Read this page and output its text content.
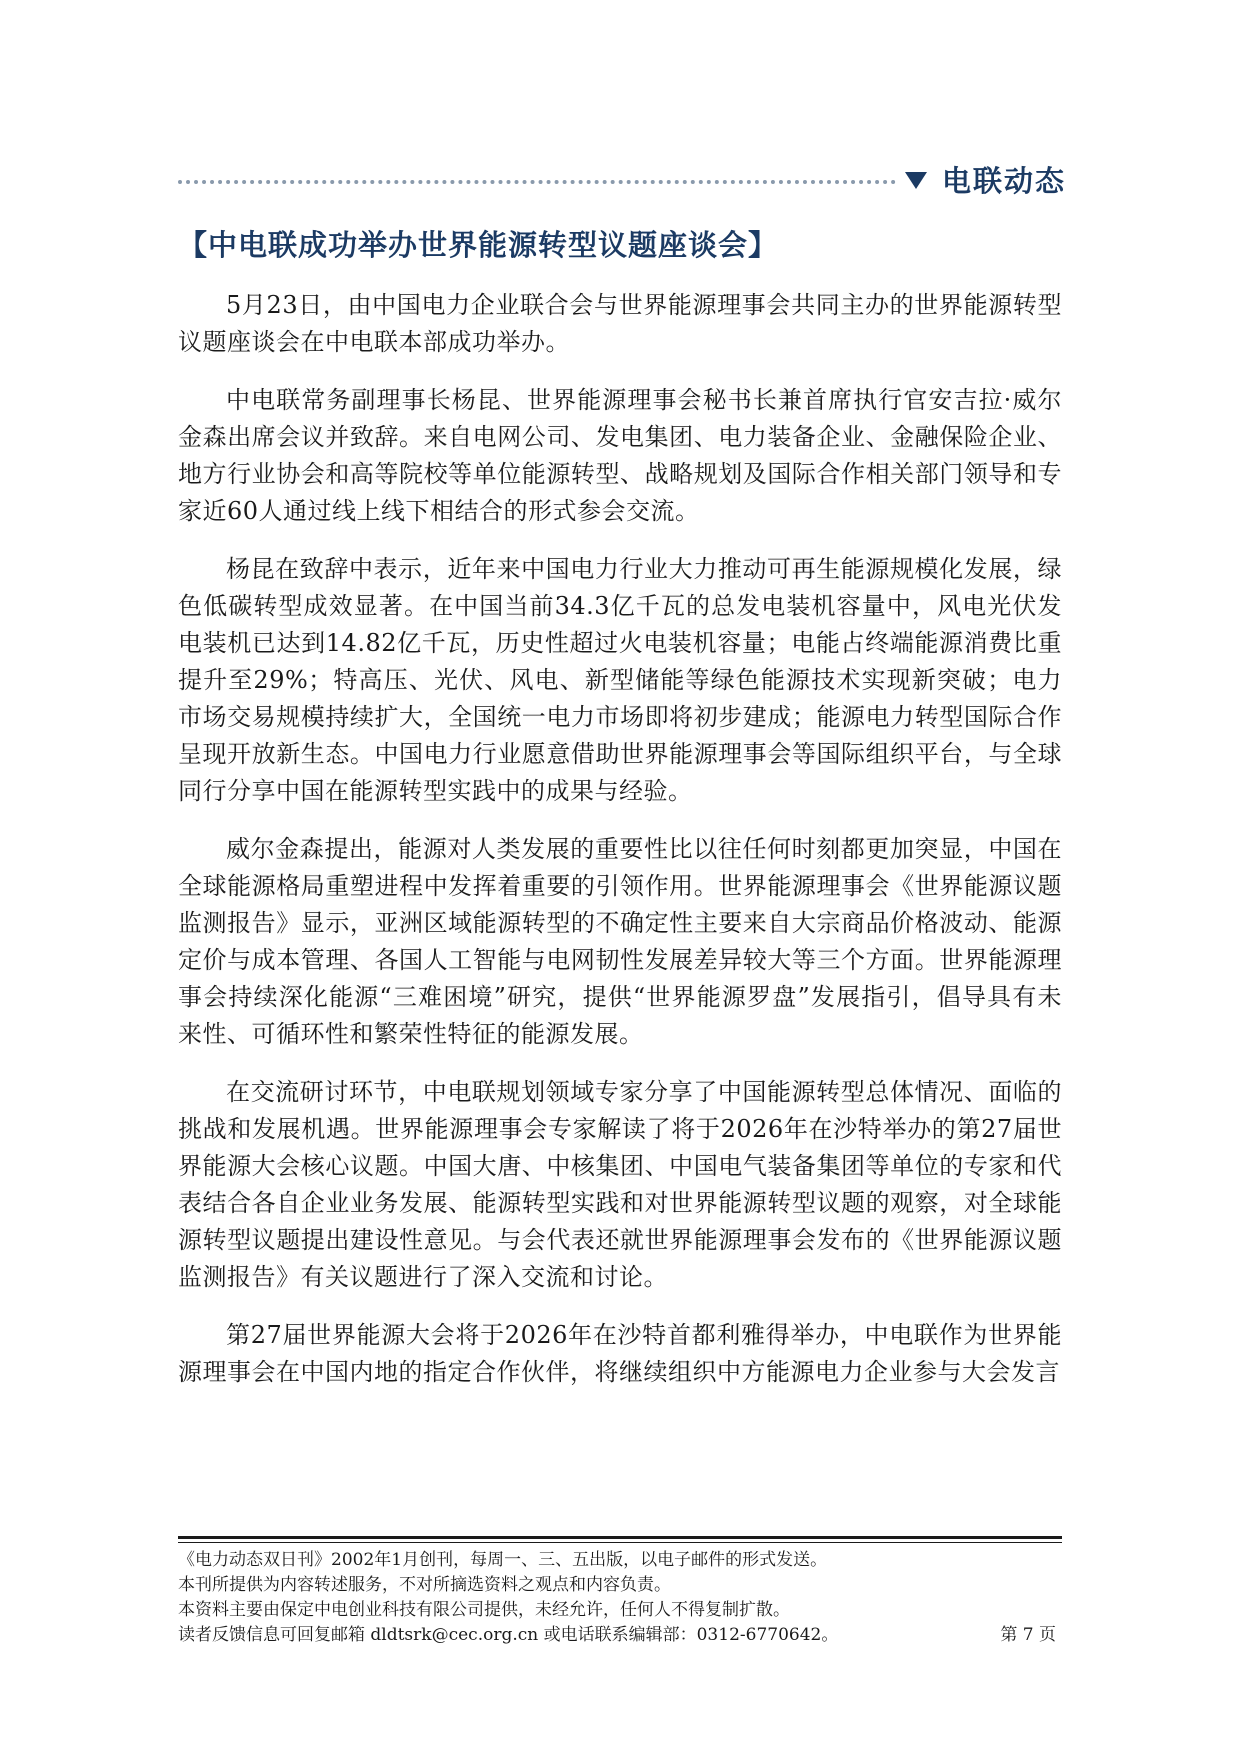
电联动态
【中电联成功举办世界能源转型议题座谈会】

5月23日，由中国电力企业联合会与世界能源理事会共同主办的世界能源转型议题座谈会在中电联本部成功举办。

中电联常务副理事长杨昆、世界能源理事会秘书长兼首席执行官安吉拉·威尔金森出席会议并致辞。来自电网公司、发电集团、电力装备企业、金融保险企业、地方行业协会和高等院校等单位能源转型、战略规划及国际合作相关部门领导和专家近60人通过线上线下相结合的形式参会交流。

杨昆在致辞中表示，近年来中国电力行业大力推动可再生能源规模化发展，绿色低碳转型成效显著。在中国当前34.3亿千瓦的总发电装机容量中，风电光伏发电装机已达到14.82亿千瓦，历史性超过火电装机容量；电能占终端能源消费比重提升至29%；特高压、光伏、风电、新型储能等绿色能源技术实现新突破；电力市场交易规模持续扩大，全国统一电力市场即将初步建成；能源电力转型国际合作呈现开放新生态。中国电力行业愿意借助世界能源理事会等国际组织平台，与全球同行分享中国在能源转型实践中的成果与经验。

威尔金森提出，能源对人类发展的重要性比以往任何时刻都更加突显，中国在全球能源格局重塑进程中发挥着重要的引领作用。世界能源理事会《世界能源议题监测报告》显示，亚洲区域能源转型的不确定性主要来自大宗商品价格波动、能源定价与成本管理、各国人工智能与电网韧性发展差异较大等三个方面。世界能源理事会持续深化能源“三难困境”研究，提供“世界能源罗盘”发展指引，倡导具有未来性、可循环性和繁荣性特征的能源发展。

在交流研讨环节，中电联规划领域专家分享了中国能源转型总体情况、面临的挑战和发展机遇。世界能源理事会专家解读了将于2026年在沙特举办的第27届世界能源大会核心议题。中国大唐、中核集团、中国电气装备集团等单位的专家和代表结合各自企业业务发展、能源转型实践和对世界能源转型议题的观察，对全球能源转型议题提出建设性意见。与会代表还就世界能源理事会发布的《世界能源议题监测报告》有关议题进行了深入交流和讨论。

第27届世界能源大会将于2026年在沙特首都利雅得举办，中电联作为世界能源理事会在中国内地的指定合作伙伴，将继续组织中方能源电力企业参与大会发言

《电力动态双日刊》2002年1月创刊，每周一、三、五出版，以电子邮件的形式发送。
本刊所提供为内容转述服务，不对所摘选资料之观点和内容负责。
本资料主要由保定中电创业科技有限公司提供，未经允许，任何人不得复制扩散。
读者反馈信息可回复邮箱 dldtsrk@cec.org.cn 或电话联系编辑部：0312-6770642。	第 7 页
